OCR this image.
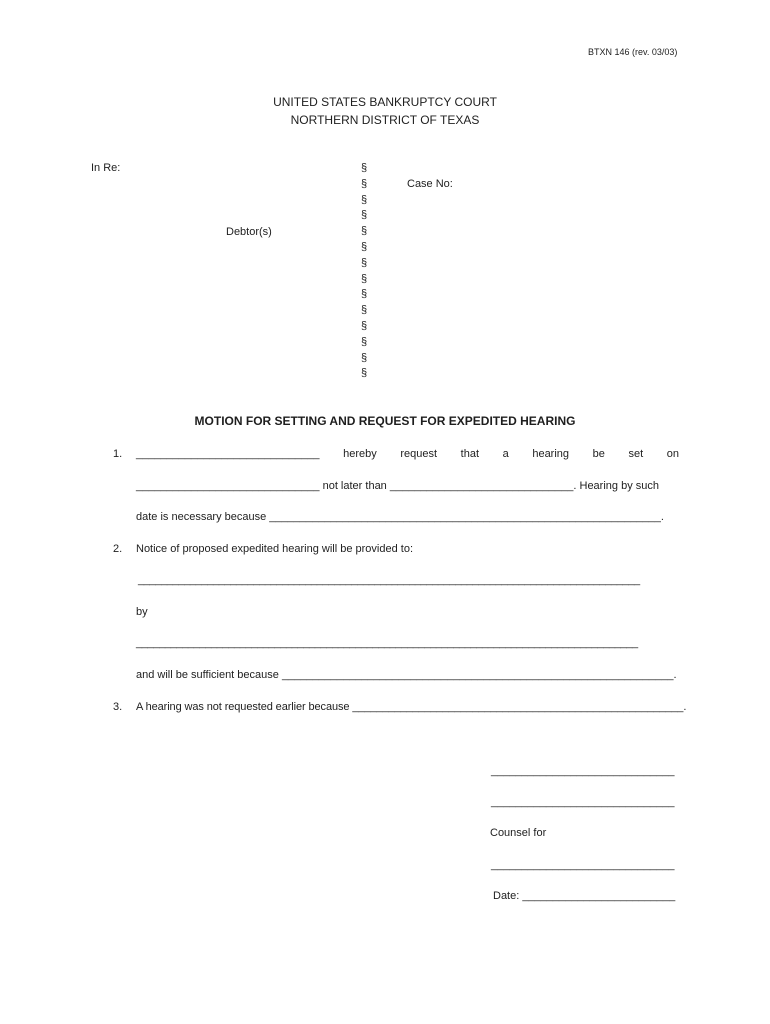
BTXN 146 (rev. 03/03)
UNITED STATES BANKRUPTCY COURT
NORTHERN DISTRICT OF TEXAS
In Re:
Debtor(s)
Case No:
§
§
§
§
§
§
§
§
§
§
§
§
§
§
MOTION FOR SETTING AND REQUEST FOR EXPEDITED HEARING
1. ______________________________ hereby request that a hearing be set on
______________________________ not later than ______________________________. Hearing by such
date is necessary because ________________________________________________________________.
2. Notice of proposed expedited hearing will be provided to:
_______________________________________________________________________________________
by
_______________________________________________________________________________________
and will be sufficient because ________________________________________________________________.
3. A hearing was not requested earlier because _______________________________________________________.
______________________________
______________________________
Counsel for
______________________________
Date: _________________________
